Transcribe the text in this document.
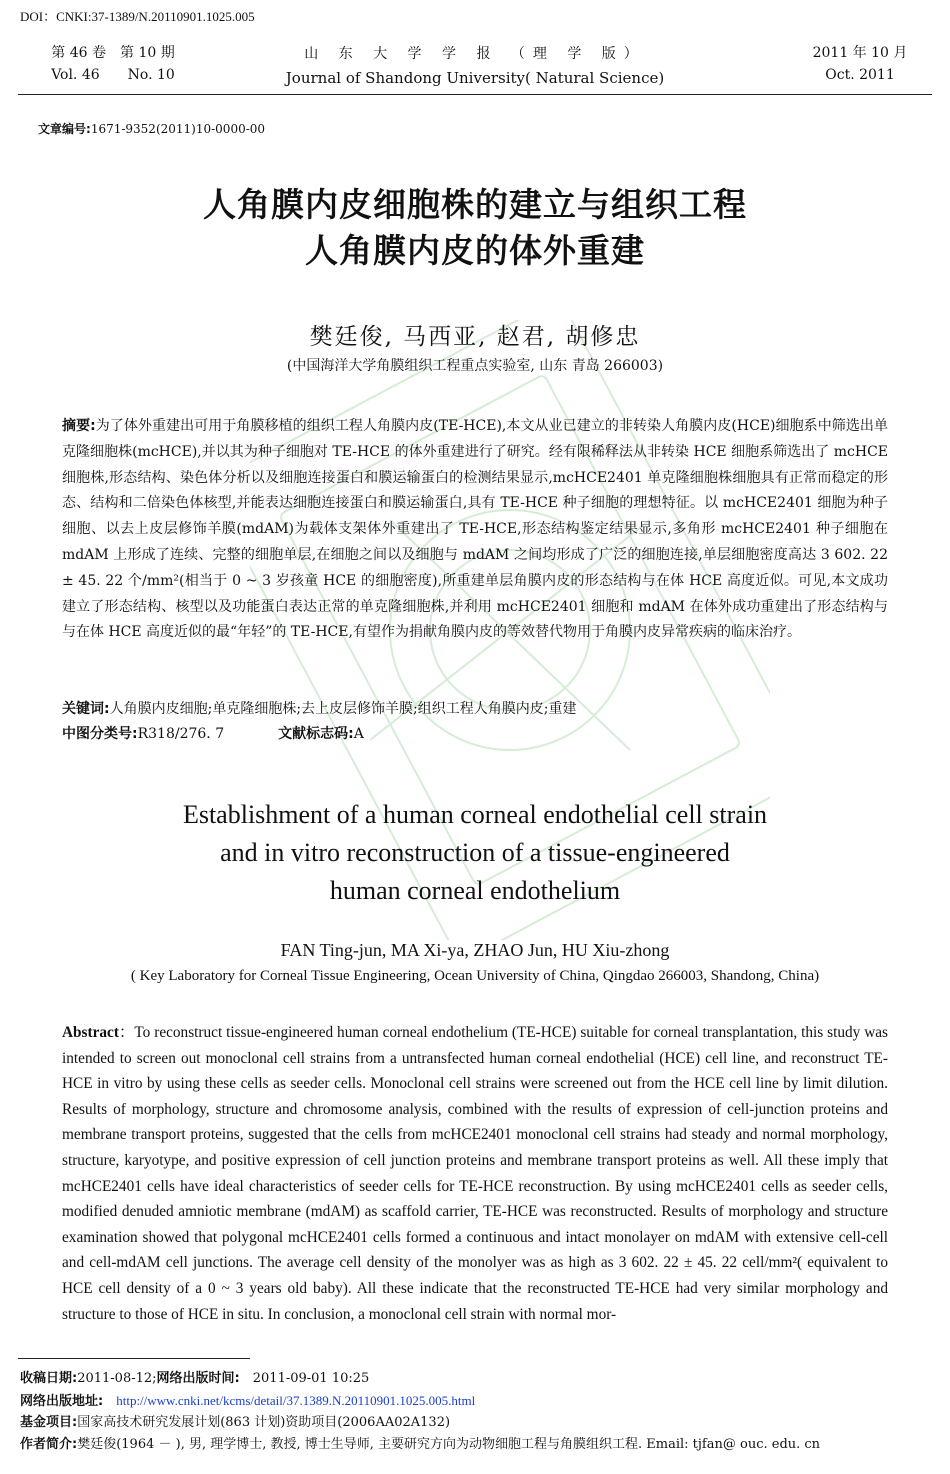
DOI：CNKI:37-1389/N.20110901.1025.005
第 46 卷　第 10 期
Vol. 46　　No. 10
山 东 大 学 学 报 （理 学 版）
Journal of Shandong University( Natural Science)
2011 年 10 月
Oct. 2011
文章编号:1671-9352(2011)10-0000-00
人角膜内皮细胞株的建立与组织工程
人角膜内皮的体外重建
樊廷俊, 马西亚, 赵君, 胡修忠
(中国海洋大学角膜组织工程重点实验室, 山东 青岛 266003)
摘要:为了体外重建出可用于角膜移植的组织工程人角膜内皮(TE-HCE),本文从业已建立的非转染人角膜内皮(HCE)细胞系中筛选出单克隆细胞株(mcHCE),并以其为种子细胞对 TE-HCE 的体外重建进行了研究。经有限稀释法从非转染 HCE 细胞系筛选出了 mcHCE 细胞株,形态结构、染色体分析以及细胞连接蛋白和膜运输蛋白的检测结果显示,mcHCE2401 单克隆细胞株细胞具有正常而稳定的形态、结构和二倍染色体核型,并能表达细胞连接蛋白和膜运输蛋白,具有 TE-HCE 种子细胞的理想特征。以 mcHCE2401 细胞为种子细胞、以去上皮层修饰羊膜(mdAM)为载体支架体外重建出了 TE-HCE,形态结构鉴定结果显示,多角形 mcHCE2401 种子细胞在 mdAM 上形成了连续、完整的细胞单层,在细胞之间以及细胞与 mdAM 之间均形成了广泛的细胞连接,单层细胞密度高达 3 602. 22 ± 45. 22 个/mm²(相当于 0 ~ 3 岁孩童 HCE 的细胞密度),所重建单层角膜内皮的形态结构与在体 HCE 高度近似。可见,本文成功建立了形态结构、核型以及功能蛋白表达正常的单克隆细胞株,并利用 mcHCE2401 细胞和 mdAM 在体外成功重建出了形态结构与与在体 HCE 高度近似的最“年轻”的 TE-HCE,有望作为捐献角膜内皮的等效替代物用于角膜内皮异常疾病的临床治疗。
关键词:人角膜内皮细胞;单克隆细胞株;去上皮层修饰羊膜;组织工程人角膜内皮;重建
中图分类号:R318/276. 7	文献标志码:A
Establishment of a human corneal endothelial cell strain
and in vitro reconstruction of a tissue-engineered
human corneal endothelium
FAN Ting-jun, MA Xi-ya, ZHAO Jun, HU Xiu-zhong
( Key Laboratory for Corneal Tissue Engineering, Ocean University of China, Qingdao 266003, Shandong, China)
Abstract：To reconstruct tissue-engineered human corneal endothelium (TE-HCE) suitable for corneal transplantation, this study was intended to screen out monoclonal cell strains from a untransfected human corneal endothelial (HCE) cell line, and reconstruct TE-HCE in vitro by using these cells as seeder cells. Monoclonal cell strains were screened out from the HCE cell line by limit dilution. Results of morphology, structure and chromosome analysis, combined with the results of expression of cell-junction proteins and membrane transport proteins, suggested that the cells from mcHCE2401 monoclonal cell strains had steady and normal morphology, structure, karyotype, and positive expression of cell junction proteins and membrane transport proteins as well. All these imply that mcHCE2401 cells have ideal characteristics of seeder cells for TE-HCE reconstruction. By using mcHCE2401 cells as seeder cells, modified denuded amniotic membrane (mdAM) as scaffold carrier, TE-HCE was reconstructed. Results of morphology and structure examination showed that polygonal mcHCE2401 cells formed a continuous and intact monolayer on mdAM with extensive cell-cell and cell-mdAM cell junctions. The average cell density of the monolyer was as high as 3 602. 22 ± 45. 22 cell/mm²( equivalent to HCE cell density of a 0 ~ 3 years old baby). All these indicate that the reconstructed TE-HCE had very similar morphology and structure to those of HCE in situ. In conclusion, a monoclonal cell strain with normal mor-
收稿日期:2011-08-12;网络出版时间:　2011-09-01 10:25
网络出版地址:　 http://www.cnki.net/kcms/detail/37.1389.N.20110901.1025.005.html
基金项目:国家高技术研究发展计划(863 计划)资助项目(2006AA02A132)
作者简介:樊廷俊(1964 － ), 男, 理学博士, 教授, 博士生导师, 主要研究方向为动物细胞工程与角膜组织工程. Email: tjfan@ ouc. edu. cn
